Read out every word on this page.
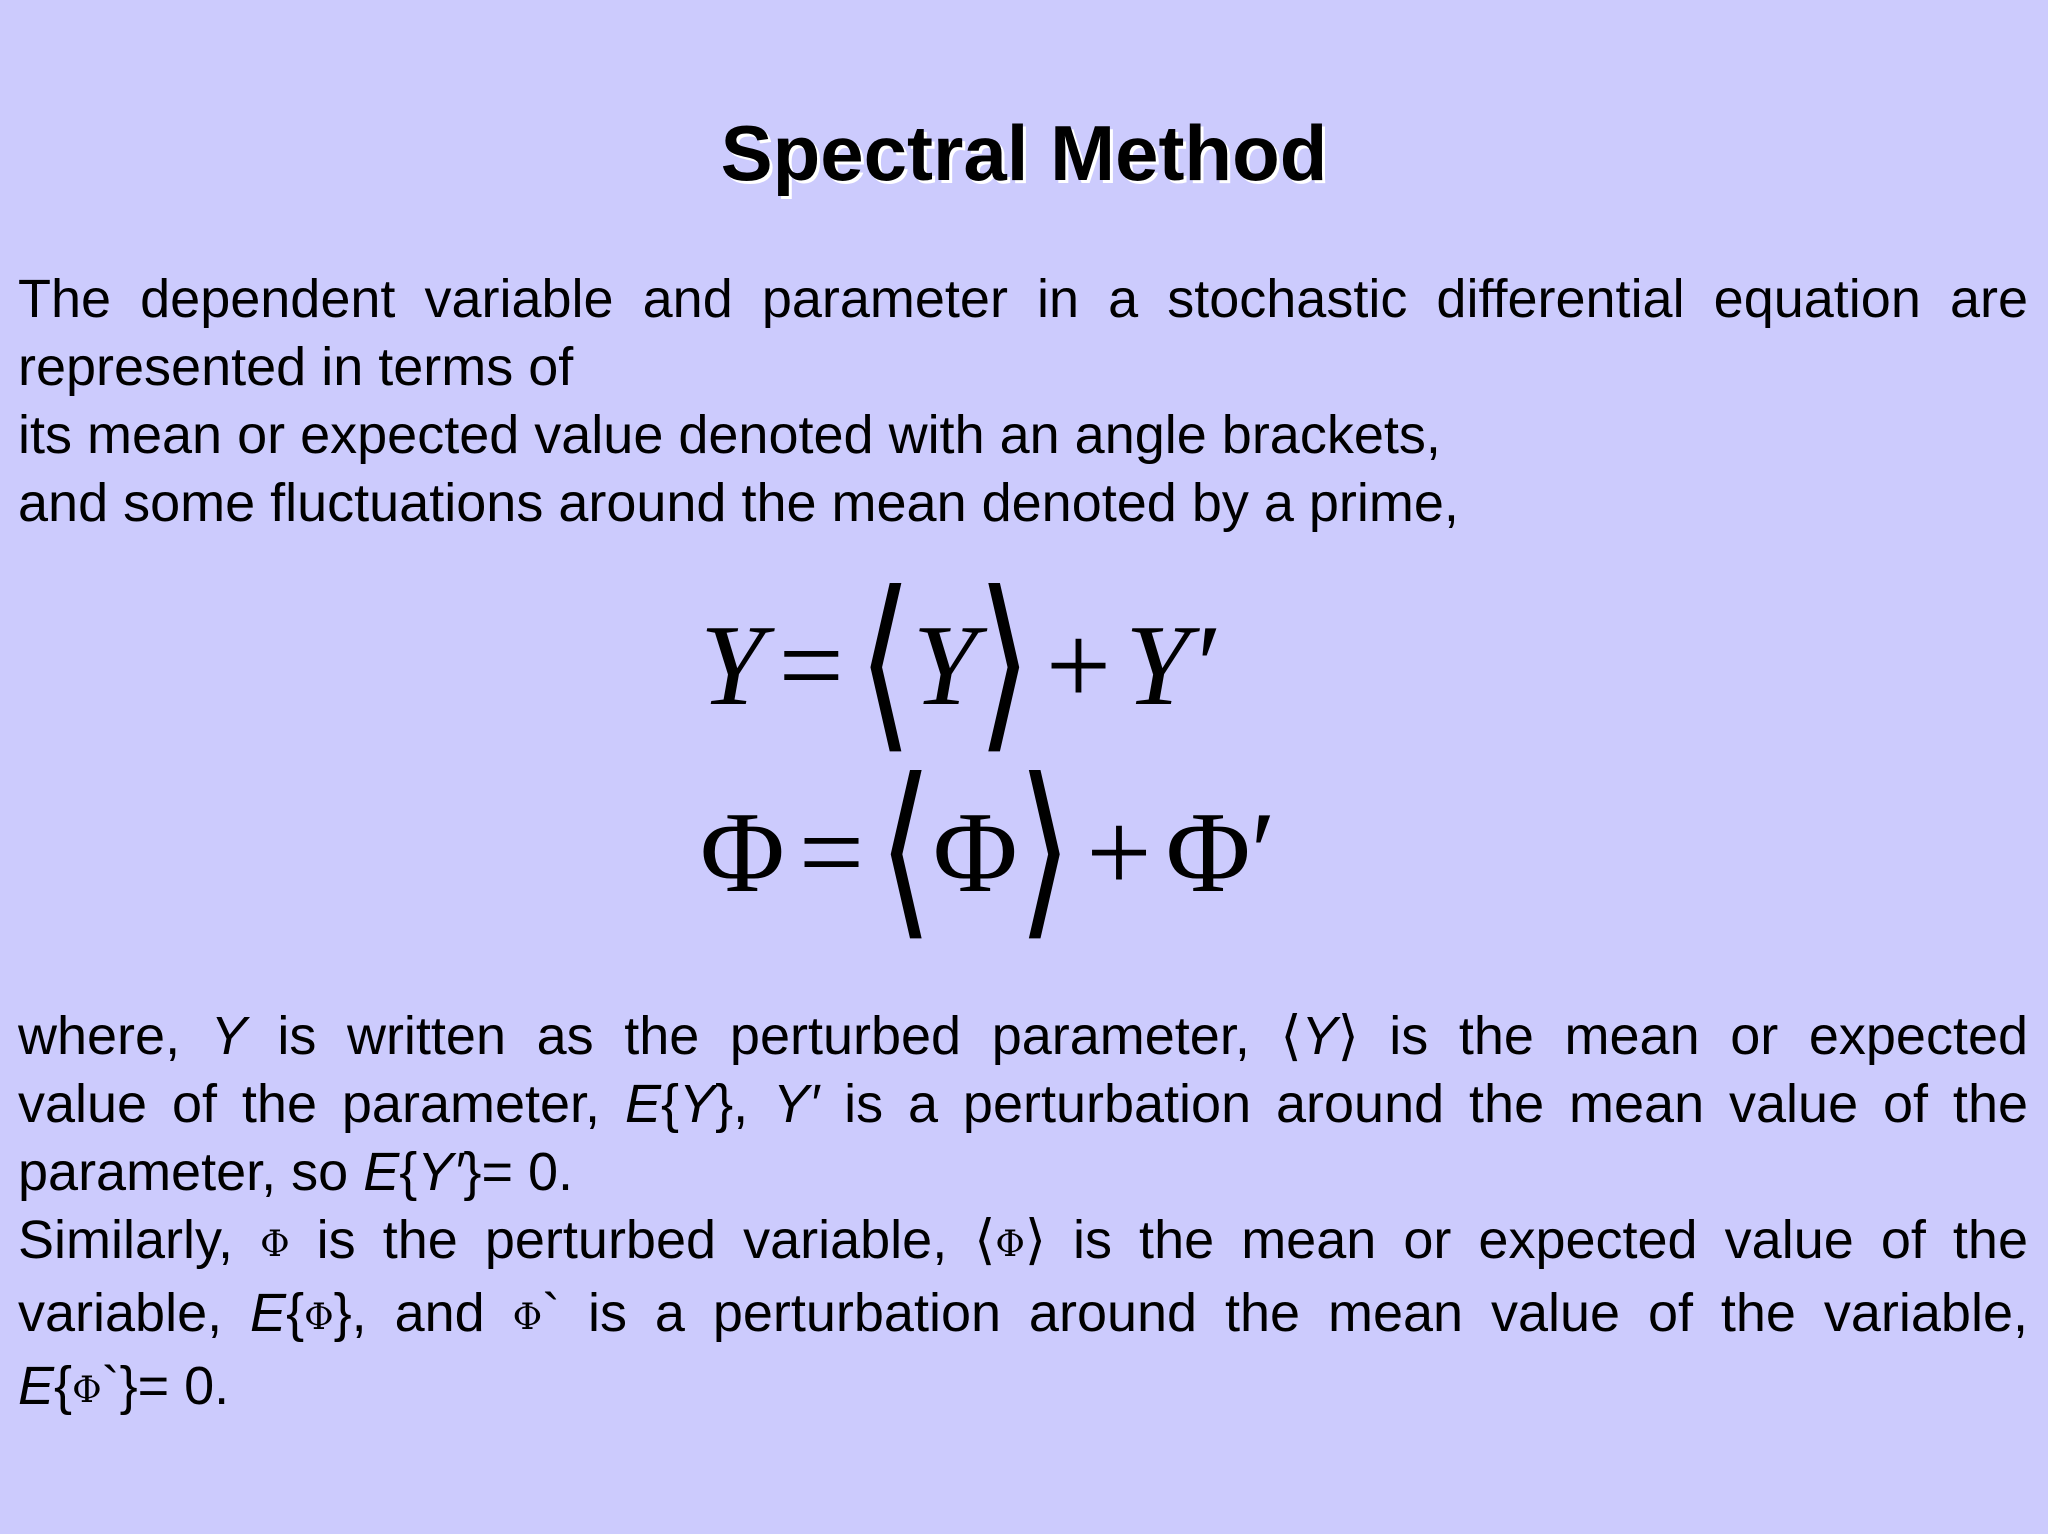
Spectral Method
The dependent variable and parameter in a stochastic differential equation are
represented in terms of
its mean or expected value denoted with an angle brackets,
and some fluctuations around the mean denoted by a prime,
Y = ⟨Y⟩ + Y′
Φ = ⟨Φ⟩ + Φ′
where, Y is written as the perturbed parameter, ⟨Y⟩ is the mean or expected
value of the parameter, E{Y}, Y′ is a perturbation around the mean value of the
parameter, so E{Y′}= 0.
Similarly, Φ is the perturbed variable, ⟨Φ⟩ is the mean or expected value of the
variable, E{Φ}, and Φ` is a perturbation around the mean value of the variable,
E{Φ`}= 0.
